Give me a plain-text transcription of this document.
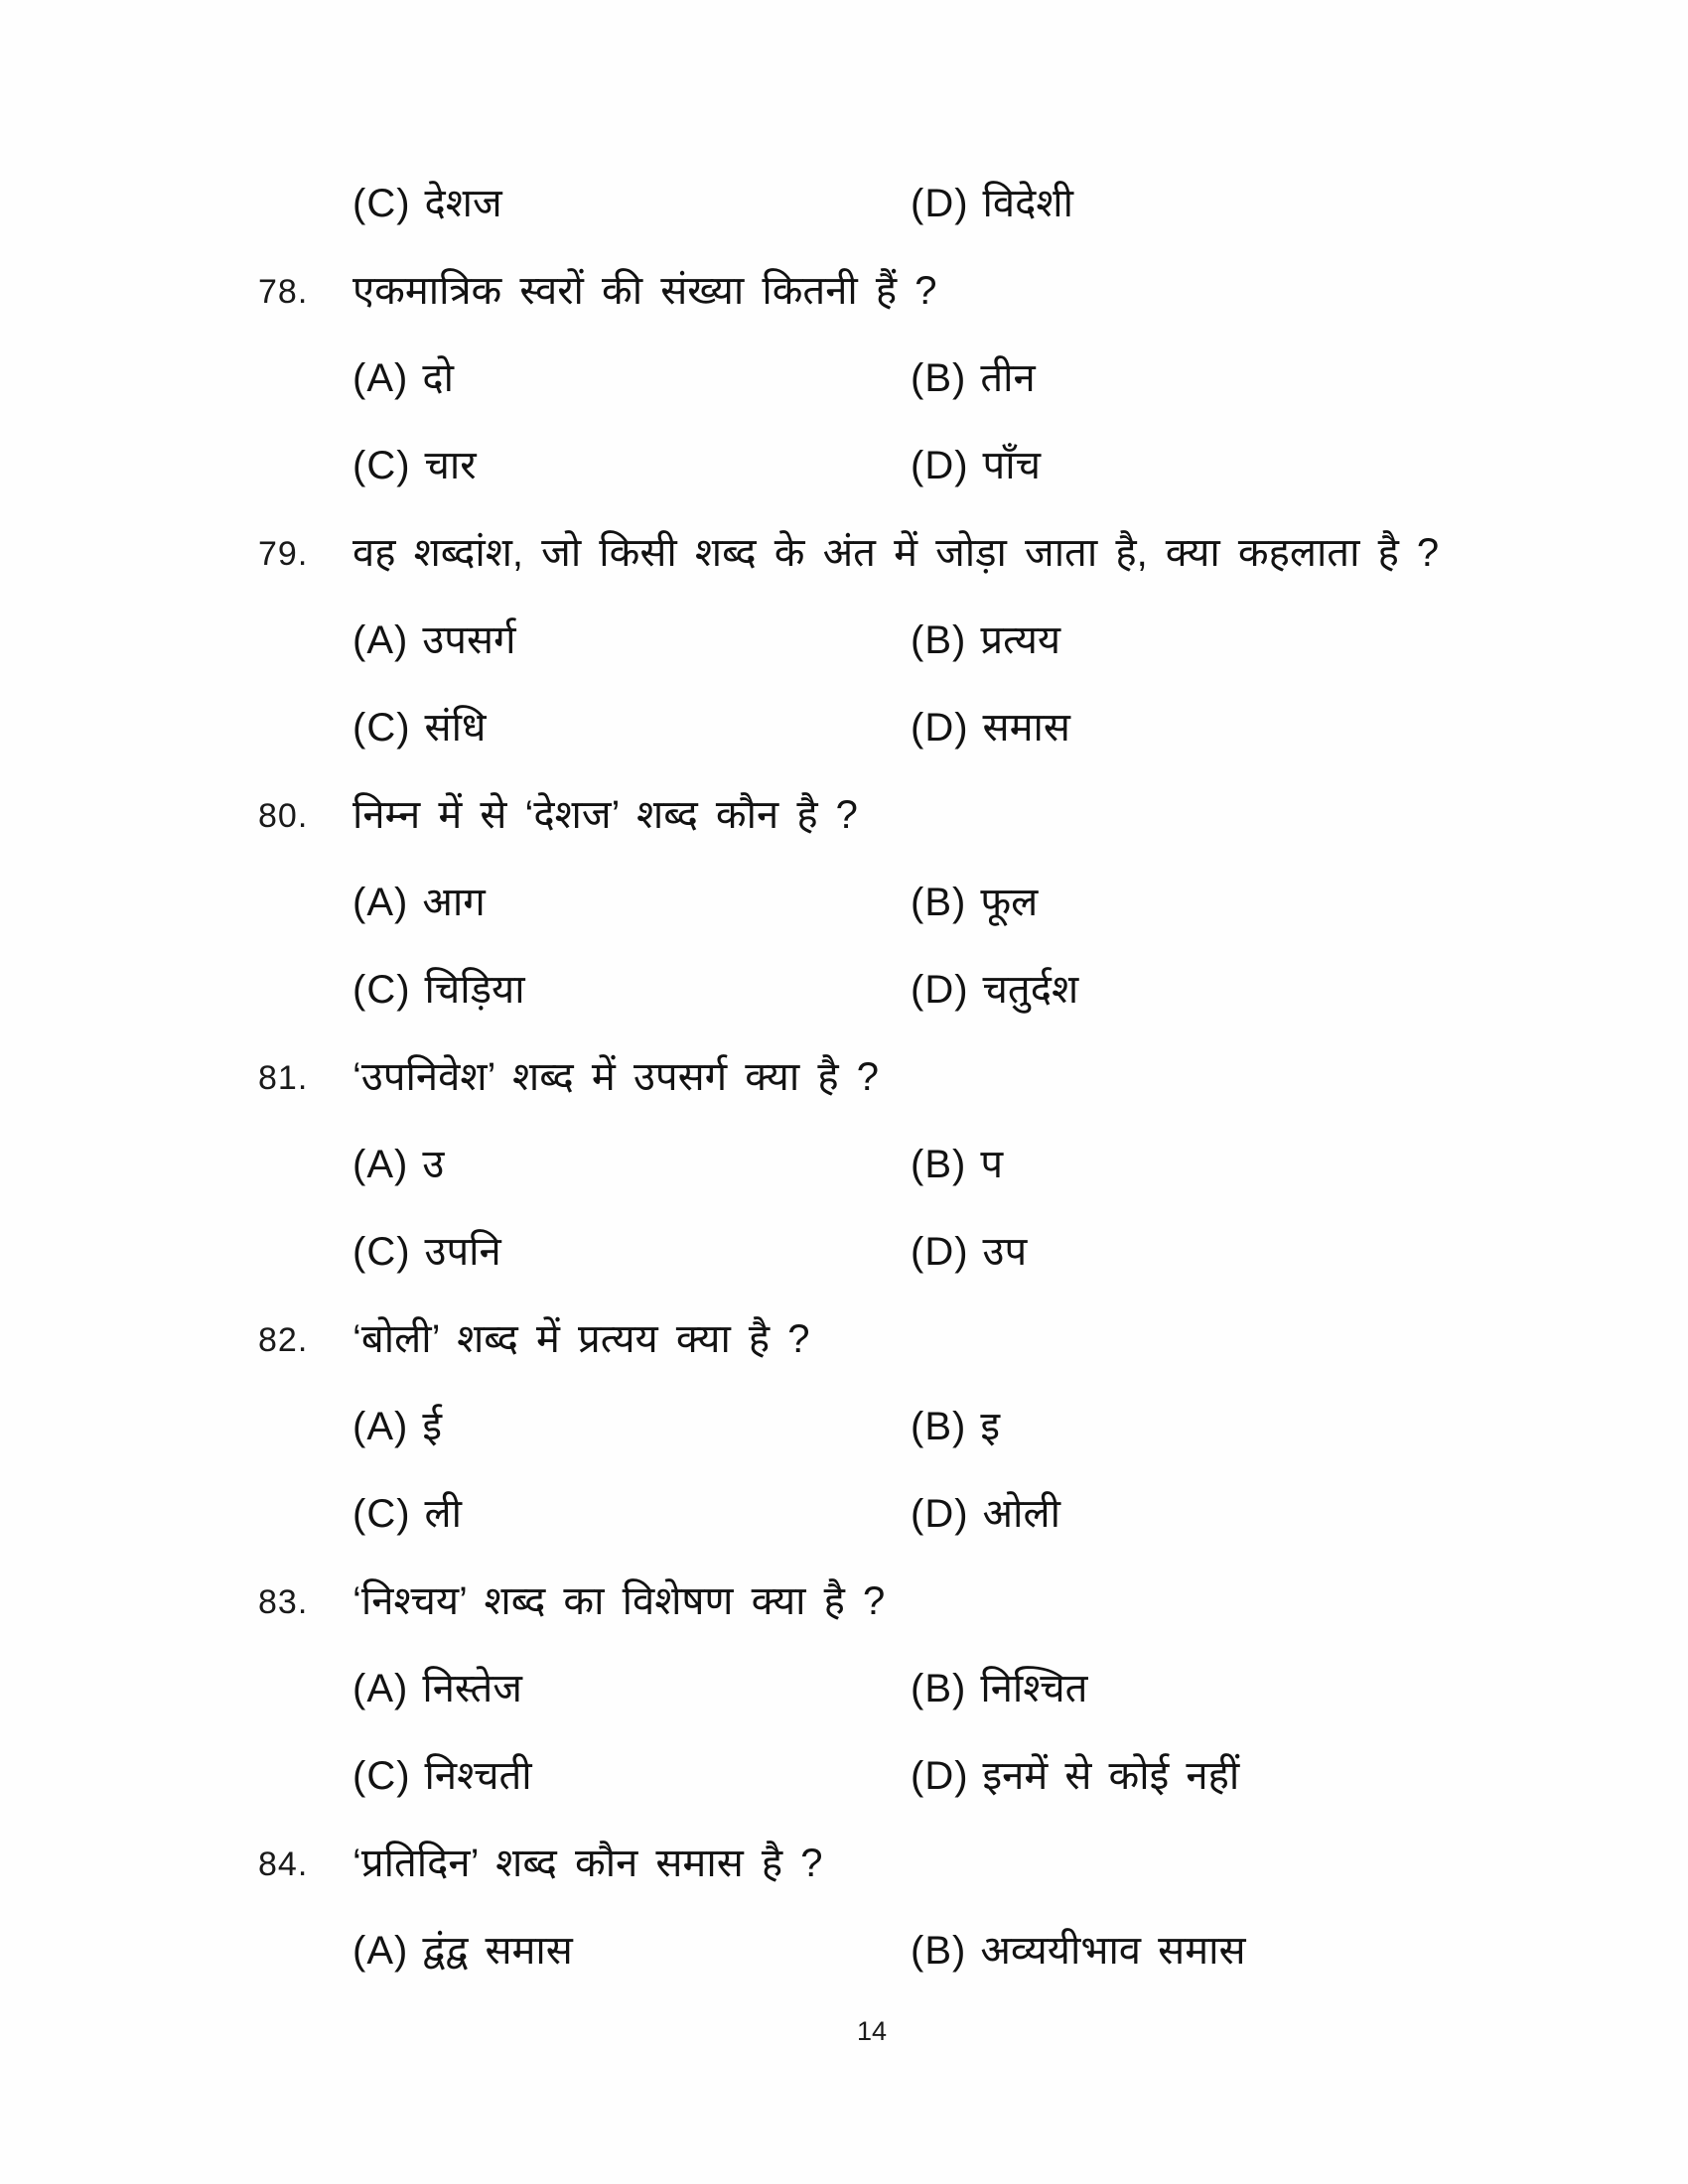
(C) देशज	(D) विदेशी
78. एकमात्रिक स्वरों की संख्या कितनी हैं ?
(A) दो	(B) तीन
(C) चार	(D) पाँच
79. वह शब्दांश, जो किसी शब्द के अंत में जोड़ा जाता है, क्या कहलाता है ?
(A) उपसर्ग	(B) प्रत्यय
(C) संधि	(D) समास
80. निम्न में से ‘देशज’ शब्द कौन है ?
(A) आग	(B) फूल
(C) चिड़िया	(D) चतुर्दश
81. ‘उपनिवेश’ शब्द में उपसर्ग क्या है ?
(A) उ	(B) प
(C) उपनि	(D) उप
82. ‘बोली’ शब्द में प्रत्यय क्या है ?
(A) ई	(B) इ
(C) ली	(D) ओली
83. ‘निश्चय’ शब्द का विशेषण क्या है ?
(A) निस्तेज	(B) निश्चित
(C) निश्चती	(D) इनमें से कोई नहीं
84. ‘प्रतिदिन’ शब्द कौन समास है ?
(A) द्वंद्व समास	(B) अव्ययीभाव समास
14
